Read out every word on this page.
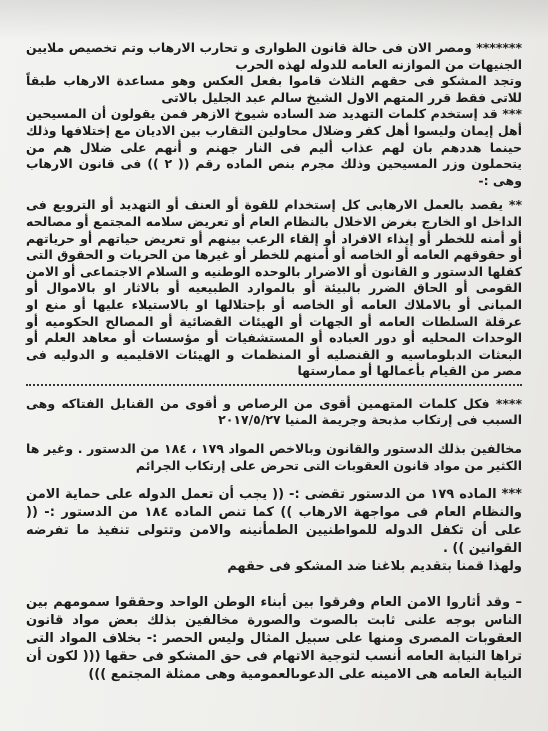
******* ومصر الان فى حالة قانون الطوارى و تحارب الارهاب وتم تخصيص ملايين الجنيهات من الموازنه العامه للدوله لهذه الحرب

وتجد المشكو فى حقهم الثلاث قاموا بفعل العكس وهو مساعدة الارهاب طبقاً للاتى فقط قرر المتهم الاول الشيخ سالم عبد الجليل بالاتى

*** قد إستخدم كلمات التهديد ضد الساده شيوخ الازهر فمن يقولون أن المسيحين أهل إيمان وليسوا أهل كفر وضلال محاولين التقارب بين الاديان مع إختلافها وذلك حينما هددهم بان لهم عذاب أليم فى النار جهنم و أنهم على ضلال هم من يتحملون وزر المسيحين وذلك مجرم بنص الماده رقم (( ٢ )) فى قانون الارهاب وهى :-

** يقصد بالعمل الارهابى كل إستخدام للقوة أو العنف أو التهديد أو الترويع فى الداخل او الخارج بغرض الاخلال بالنظام العام أو تعريض سلامه المجتمع أو مصالحه أو أمنه للخطر أو إيذاء الافراد أو إلقاء الرعب بينهم أو تعريض حياتهم أو حرياتهم أو حقوقهم العامه أو الخاصه أو أمنهم للخطر أو غيرها من الحريات و الحقوق التى كفلها الدستور و القانون أو الاضرار بالوحده الوطنيه و السلام الاجتماعى أو الامن القومى أو الحاق الضرر بالبيئة أو بالموارد الطبيعيه أو بالاثار او بالاموال أو المبانى أو بالاملاك العامه أو الخاصه أو بإحتلالها او بالاستيلاء عليها أو منع او عرقلة السلطات العامه أو الجهات أو الهيئات القضائية أو المصالح الحكوميه أو الوحدات المحليه أو دور العباده أو المستشفيات أو مؤسسات أو معاهد العلم أو البعثات الدبلوماسيه و القنصليه أو المنظمات و الهيئات الاقليميه و الدوليه فى مصر من القيام بأعمالها أو ممارستها

**** فكل كلمات المتهمين أقوى من الرصاص و أقوى من القنابل الفتاكه وهى السبب فى إرتكاب مذبحة وجريمة المنيا ٢٠١٧/٥/٢٧

مخالفين بذلك الدستور والقانون وبالاخص المواد ١٧٩ ، ١٨٤ من الدستور . وغير ها الكثير من مواد قانون العقوبات التى تحرض على إرتكاب الجرائم

*** الماده ١٧٩ من الدستور تقضى :- (( يجب أن تعمل الدوله على حماية الامن والنظام العام فى مواجهة الارهاب )) كما تنص الماده ١٨٤ من الدستور :- (( على أن تكفل الدوله للمواطنيين الطمأنينه والامن وتتولى تنفيذ ما تفرضه القوانين )) .

ولهذا قمنا بتقديم بلاغنا ضد المشكو فى حقهم

– وقد أثاروا الامن العام وفرقوا بين أبناء الوطن الواحد وحققوا سمومهم بين الناس بوجه علنى ثابت بالصوت والصورة مخالفين بذلك بعض مواد قانون العقوبات المصرى ومنها على سبيل المثال وليس الحصر :- بخلاف المواد التى تراها النيابة العامه أنسب لتوجية الاتهام فى حق المشكو فى حقها ((( لكون أن النيابة العامه هى الامينه على الدعوىالعمومية وهى ممثلة المجتمع )))
